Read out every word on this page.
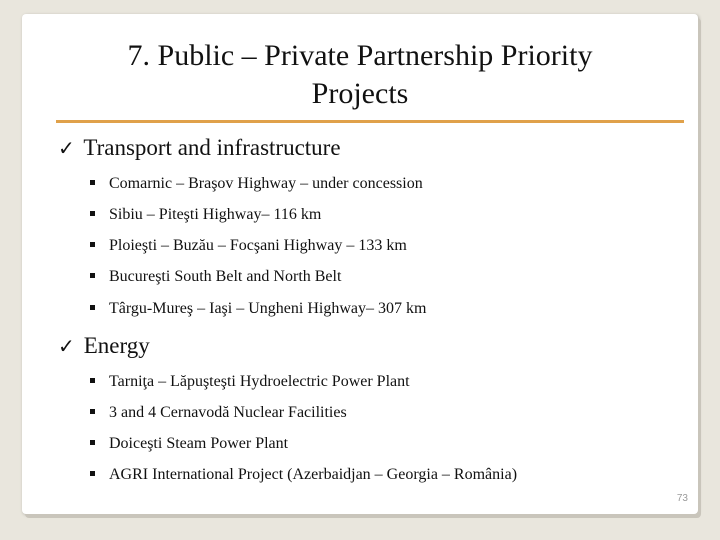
7. Public – Private Partnership Priority
Projects
✓ Transport and infrastructure
Comarnic – Braşov Highway – under concession
Sibiu – Piteşti Highway– 116 km
Ploieşti – Buzău – Focşani Highway – 133 km
Bucureşti South Belt and North Belt
Târgu-Mureş – Iaşi – Ungheni Highway– 307 km
✓ Energy
Tarniţa – Lăpuşteşti Hydroelectric Power Plant
3 and 4 Cernavodă Nuclear Facilities
Doiceşti Steam Power Plant
AGRI International Project (Azerbaidjan – Georgia – România)
73
